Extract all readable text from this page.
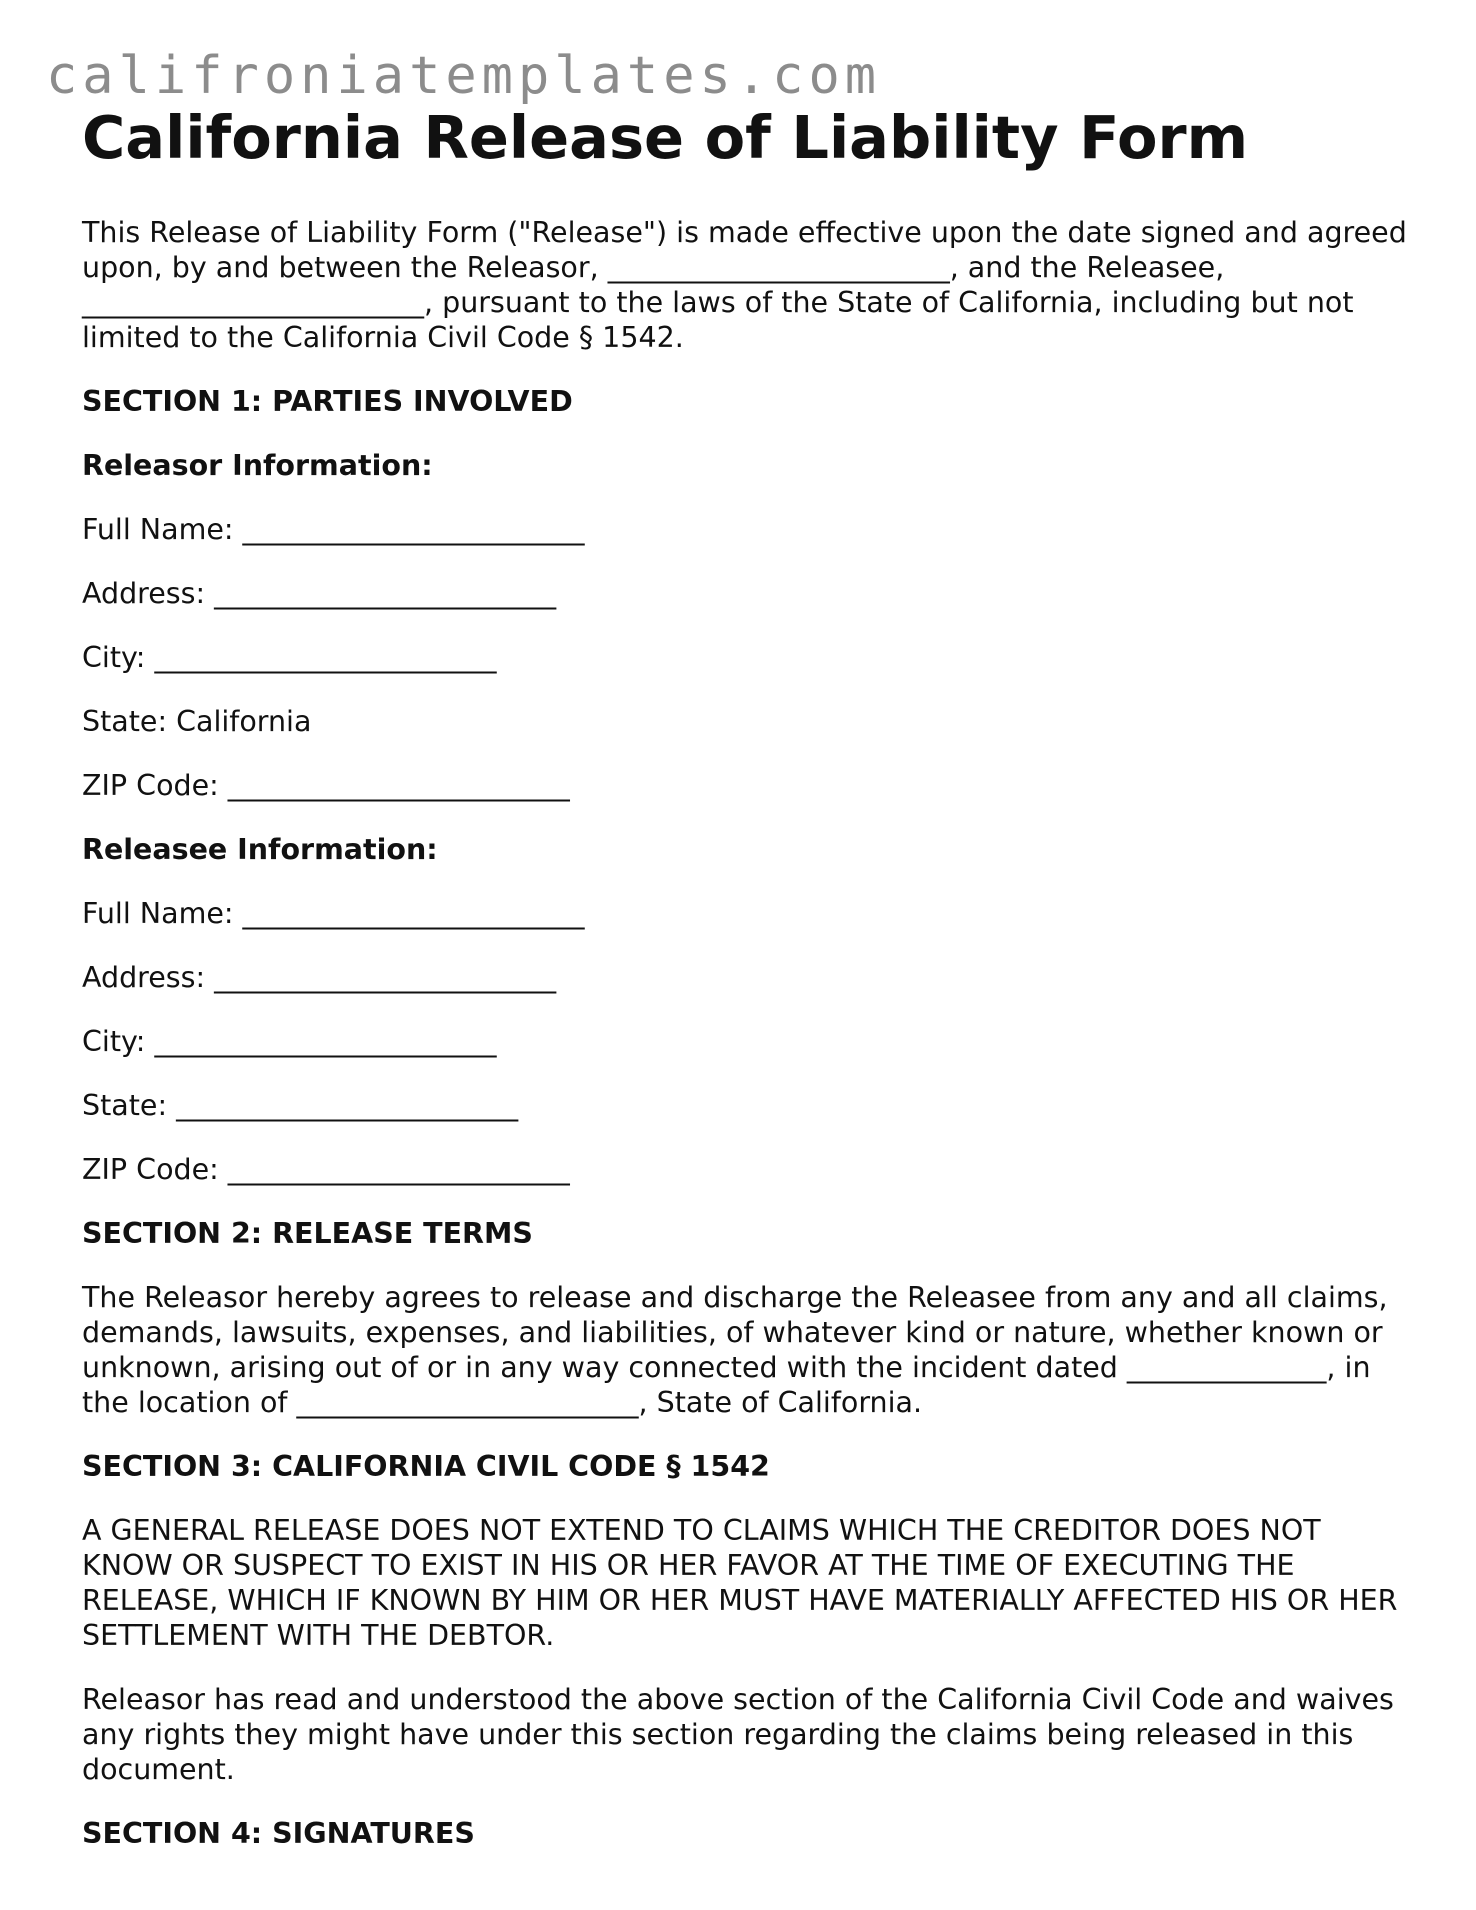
califroniatemplates.com
California Release of Liability Form

This Release of Liability Form ("Release") is made effective upon the date signed and agreed upon, by and between the Releasor, ________________________, and the Releasee, ________________________, pursuant to the laws of the State of California, including but not limited to the California Civil Code § 1542.

SECTION 1: PARTIES INVOLVED

Releasor Information:

Full Name: ________________________

Address: ________________________

City: ________________________

State: California

ZIP Code: ________________________

Releasee Information:

Full Name: ________________________

Address: ________________________

City: ________________________

State: ________________________

ZIP Code: ________________________

SECTION 2: RELEASE TERMS

The Releasor hereby agrees to release and discharge the Releasee from any and all claims, demands, lawsuits, expenses, and liabilities, of whatever kind or nature, whether known or unknown, arising out of or in any way connected with the incident dated ______________, in the location of ________________________, State of California.

SECTION 3: CALIFORNIA CIVIL CODE § 1542

A GENERAL RELEASE DOES NOT EXTEND TO CLAIMS WHICH THE CREDITOR DOES NOT KNOW OR SUSPECT TO EXIST IN HIS OR HER FAVOR AT THE TIME OF EXECUTING THE RELEASE, WHICH IF KNOWN BY HIM OR HER MUST HAVE MATERIALLY AFFECTED HIS OR HER SETTLEMENT WITH THE DEBTOR.

Releasor has read and understood the above section of the California Civil Code and waives any rights they might have under this section regarding the claims being released in this document.

SECTION 4: SIGNATURES
